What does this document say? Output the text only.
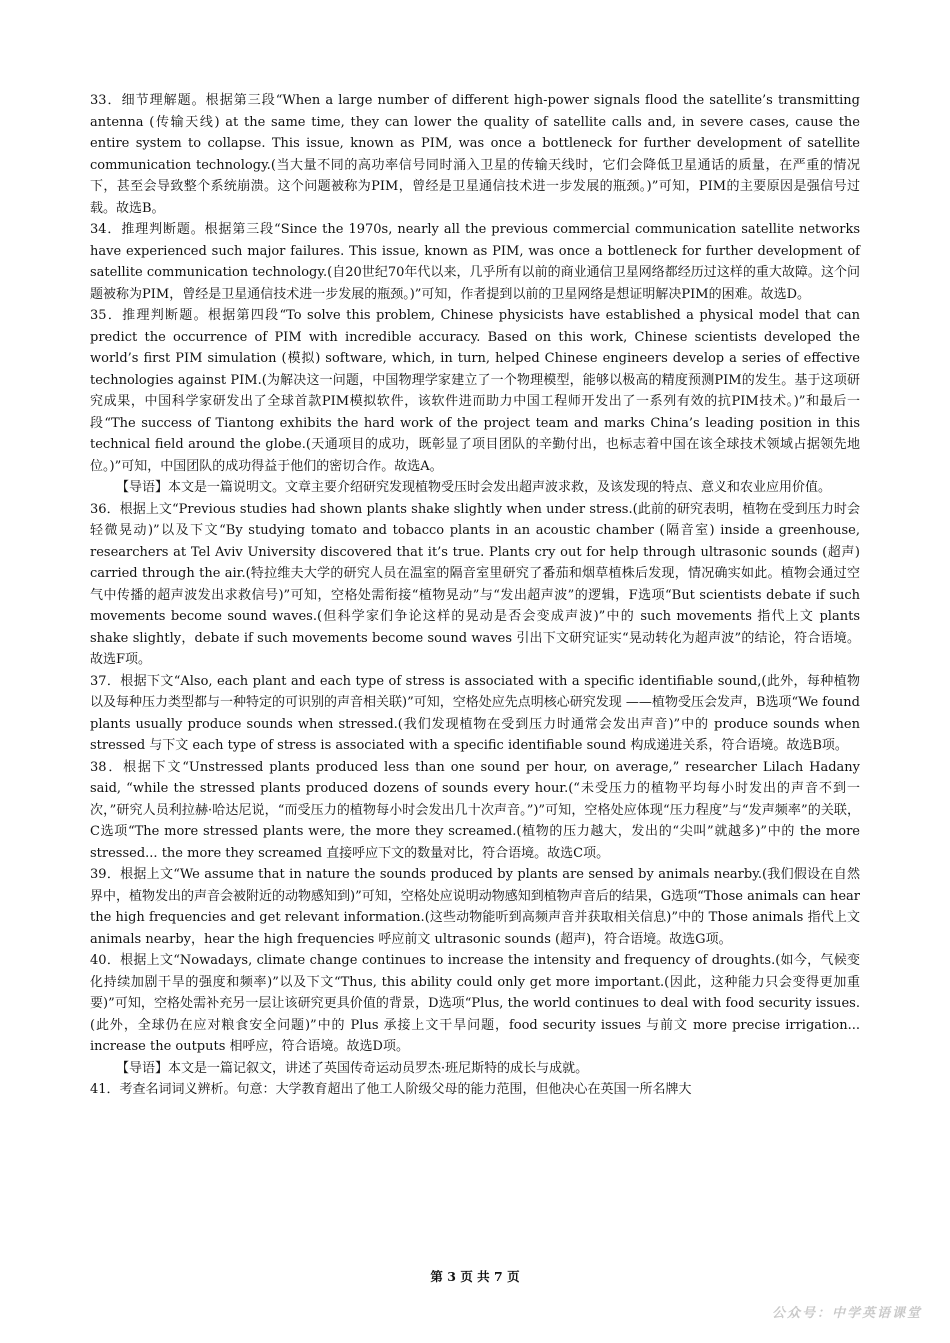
33．细节理解题。根据第三段“When a large number of different high-power signals flood the satellite’s transmitting antenna (传输天线) at the same time, they can lower the quality of satellite calls and, in severe cases, cause the entire system to collapse. This issue, known as PIM, was once a bottleneck for further development of satellite communication technology.(当大量不同的高功率信号同时涌入卫星的传输天线时，它们会降低卫星通话的质量，在严重的情况下，甚至会导致整个系统崩溃。这个问题被称为PIM，曾经是卫星通信技术进一步发展的瓶颈。)”可知，PIM的主要原因是强信号过载。故选B。

34．推理判断题。根据第三段“Since the 1970s, nearly all the previous commercial communication satellite networks have experienced such major failures. This issue, known as PIM, was once a bottleneck for further development of satellite communication technology.(自20世纪70年代以来，几乎所有以前的商业通信卫星网络都经历过这样的重大故障。这个问题被称为PIM，曾经是卫星通信技术进一步发展的瓶颈。)”可知，作者提到以前的卫星网络是想证明解决PIM的困难。故选D。

35．推理判断题。根据第四段“To solve this problem, Chinese physicists have established a physical model that can predict the occurrence of PIM with incredible accuracy. Based on this work, Chinese scientists developed the world’s first PIM simulation (模拟) software, which, in turn, helped Chinese engineers develop a series of effective technologies against PIM.(为解决这一问题，中国物理学家建立了一个物理模型，能够以极高的精度预测PIM的发生。基于这项研究成果，中国科学家研发出了全球首款PIM模拟软件，该软件进而助力中国工程师开发出了一系列有效的抗PIM技术。)”和最后一段“The success of Tiantong exhibits the hard work of the project team and marks China’s leading position in this technical field around the globe.(天通项目的成功，既彰显了项目团队的辛勤付出，也标志着中国在该全球技术领域占据领先地位。)”可知，中国团队的成功得益于他们的密切合作。故选A。

【导语】本文是一篇说明文。文章主要介绍研究发现植物受压时会发出超声波求救，及该发现的特点、意义和农业应用价值。

36．根据上文“Previous studies had shown plants shake slightly when under stress.(此前的研究表明，植物在受到压力时会轻微晃动)”以及下文“By studying tomato and tobacco plants in an acoustic chamber (隔音室) inside a greenhouse, researchers at Tel Aviv University discovered that it’s true. Plants cry out for help through ultrasonic sounds (超声) carried through the air.(特拉维夫大学的研究人员在温室的隔音室里研究了番茄和烟草植株后发现，情况确实如此。植物会通过空气中传播的超声波发出求救信号)”可知，空格处需衔接“植物晃动”与“发出超声波”的逻辑，F选项“But scientists debate if such movements become sound waves.(但科学家们争论这样的晃动是否会变成声波)”中的 such movements 指代上文 plants shake slightly，debate if such movements become sound waves 引出下文研究证实“晃动转化为超声波”的结论，符合语境。故选F项。

37．根据下文“Also, each plant and each type of stress is associated with a specific identifiable sound,(此外，每种植物以及每种压力类型都与一种特定的可识别的声音相关联)”可知，空格处应先点明核心研究发现 ——植物受压会发声，B选项“We found plants usually produce sounds when stressed.(我们发现植物在受到压力时通常会发出声音)”中的 produce sounds when stressed 与下文 each type of stress is associated with a specific identifiable sound 构成递进关系，符合语境。故选B项。

38．根据下文“Unstressed plants produced less than one sound per hour, on average,” researcher Lilach Hadany said, “while the stressed plants produced dozens of sounds every hour.(“未受压力的植物平均每小时发出的声音不到一次，”研究人员利拉赫·哈达尼说，“而受压力的植物每小时会发出几十次声音。”)”可知，空格处应体现“压力程度”与“发声频率”的关联，C选项“The more stressed plants were, the more they screamed.(植物的压力越大，发出的“尖叫”就越多)”中的 the more stressed... the more they screamed 直接呼应下文的数量对比，符合语境。故选C项。

39．根据上文“We assume that in nature the sounds produced by plants are sensed by animals nearby.(我们假设在自然界中，植物发出的声音会被附近的动物感知到)”可知，空格处应说明动物感知到植物声音后的结果，G选项“Those animals can hear the high frequencies and get relevant information.(这些动物能听到高频声音并获取相关信息)”中的 Those animals 指代上文 animals nearby，hear the high frequencies 呼应前文 ultrasonic sounds (超声)，符合语境。故选G项。

40．根据上文“Nowadays, climate change continues to increase the intensity and frequency of droughts.(如今，气候变化持续加剧干旱的强度和频率)”以及下文“Thus, this ability could only get more important.(因此，这种能力只会变得更加重要)”可知，空格处需补充另一层让该研究更具价值的背景，D选项“Plus, the world continues to deal with food security issues.(此外，全球仍在应对粮食安全问题)”中的 Plus 承接上文干旱问题，food security issues 与前文 more precise irrigation... increase the outputs 相呼应，符合语境。故选D项。

【导语】本文是一篇记叙文，讲述了英国传奇运动员罗杰·班尼斯特的成长与成就。

41．考查名词词义辨析。句意：大学教育超出了他工人阶级父母的能力范围，但他决心在英国一所名牌大

第 3 页 共 7 页
公众号：中学英语课堂
